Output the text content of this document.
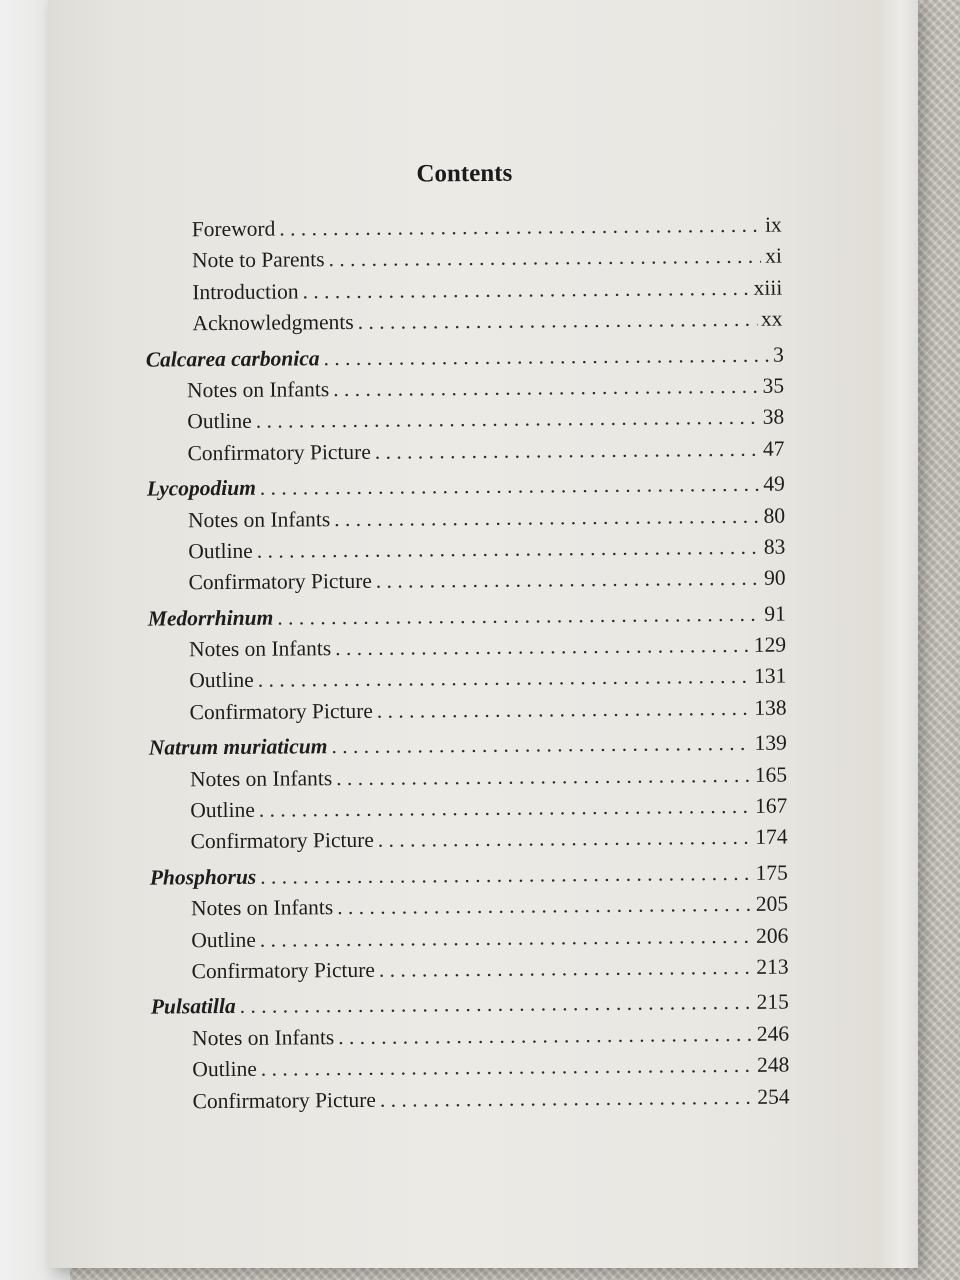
Contents
Foreword . . .	ix
Note to Parents . . .	xi
Introduction . . .	xiii
Acknowledgments . . .	xx
Calcarea carbonica . . .	3
Notes on Infants . . .	35
Outline . . .	38
Confirmatory Picture . . .	47
Lycopodium . . .	49
Notes on Infants . . .	80
Outline . . .	83
Confirmatory Picture . . .	90
Medorrhinum . . .	91
Notes on Infants . . .	129
Outline . . .	131
Confirmatory Picture . . .	138
Natrum muriaticum . . .	139
Notes on Infants . . .	165
Outline . . .	167
Confirmatory Picture . . .	174
Phosphorus . . .	175
Notes on Infants . . .	205
Outline . . .	206
Confirmatory Picture . . .	213
Pulsatilla . . .	215
Notes on Infants . . .	246
Outline . . .	248
Confirmatory Picture . . .	254
